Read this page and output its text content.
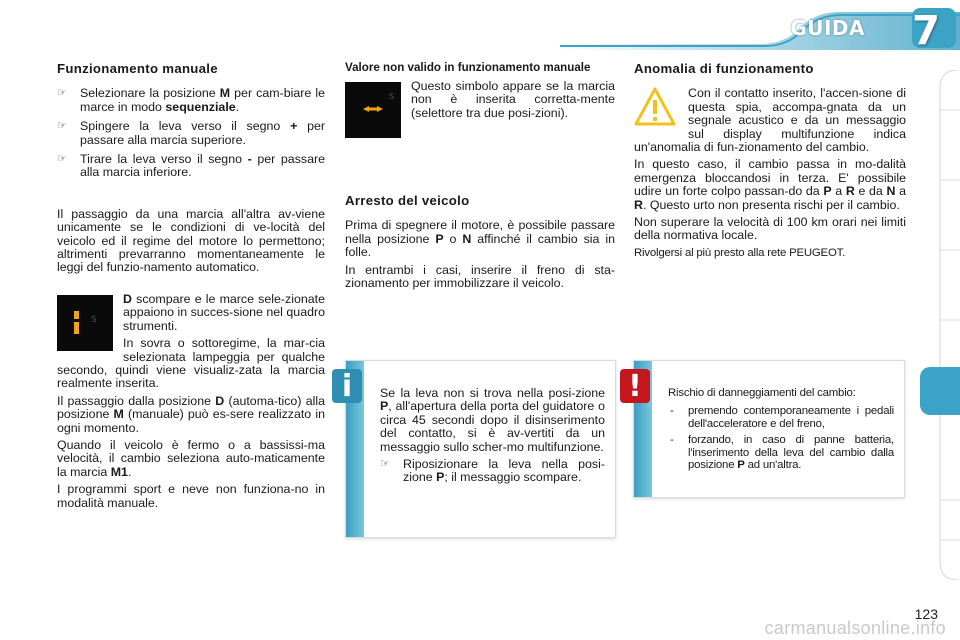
GUIDA 7
Funzionamento manuale
☞ Selezionare la posizione M per cam-biare le marce in modo sequenziale.
☞ Spingere la leva verso il segno + per passare alla marcia superiore.
☞ Tirare la leva verso il segno - per passare alla marcia inferiore.

Il passaggio da una marcia all'altra av-viene unicamente se le condizioni di ve-locità del veicolo ed il regime del motore lo permettono; altrimenti prevarranno momentaneamente le leggi del funzio-namento automatico.

S

D scompare e le marce sele-zionate appaiono in succes-sione nel quadro strumenti.

In sovra o sottoregime, la mar-cia selezionata lampeggia per qualche secondo, quindi viene visualiz-zata la marcia realmente inserita.

Il passaggio dalla posizione D (automa-tico) alla posizione M (manuale) può es-sere realizzato in ogni momento.

Quando il veicolo è fermo o a bassissi-ma velocità, il cambio seleziona auto-maticamente la marcia M1.

I programmi sport e neve non funziona-no in modalità manuale.

Valore non valido in funzionamento manuale
S

Questo simbolo appare se la marcia non è inserita corretta-mente (selettore tra due posi-zioni).

Arresto del veicolo

Prima di spegnere il motore, è possibile passare nella posizione P o N affinché il cambio sia in folle.

In entrambi i casi, inserire il freno di sta-zionamento per immobilizzare il veicolo.

Anomalia di funzionamento

Con il contatto inserito, l'accen-sione di questa spia, accompa-gnata da un segnale acustico e da un messaggio sul display multifunzione indica un'anomalia di fun-zionamento del cambio.

In questo caso, il cambio passa in mo-dalità emergenza bloccandosi in terza. E' possibile udire un forte colpo passan-do da P a R e da N a R. Questo urto non presenta rischi per il cambio.

Non superare la velocità di 100 km orari nei limiti della normativa locale.

Rivolgersi al più presto alla rete PEUGEOT.

i	Se la leva non si trova nella posi-zione P, all'apertura della porta del guidatore o circa 45 secondi dopo il disinserimento del contatto, si è av-vertiti da un messaggio sullo scher-mo multifunzione.

☞ Riposizionare la leva nella posi-zione P; il messaggio scompare.
!	Rischio di danneggiamenti del cambio:

- premendo contemporaneamente i pedali dell'acceleratore e del freno,
- forzando, in caso di panne batteria, l'inserimento della leva del cambio dalla posizione P ad un'altra.
123
carmanualsonline.info
